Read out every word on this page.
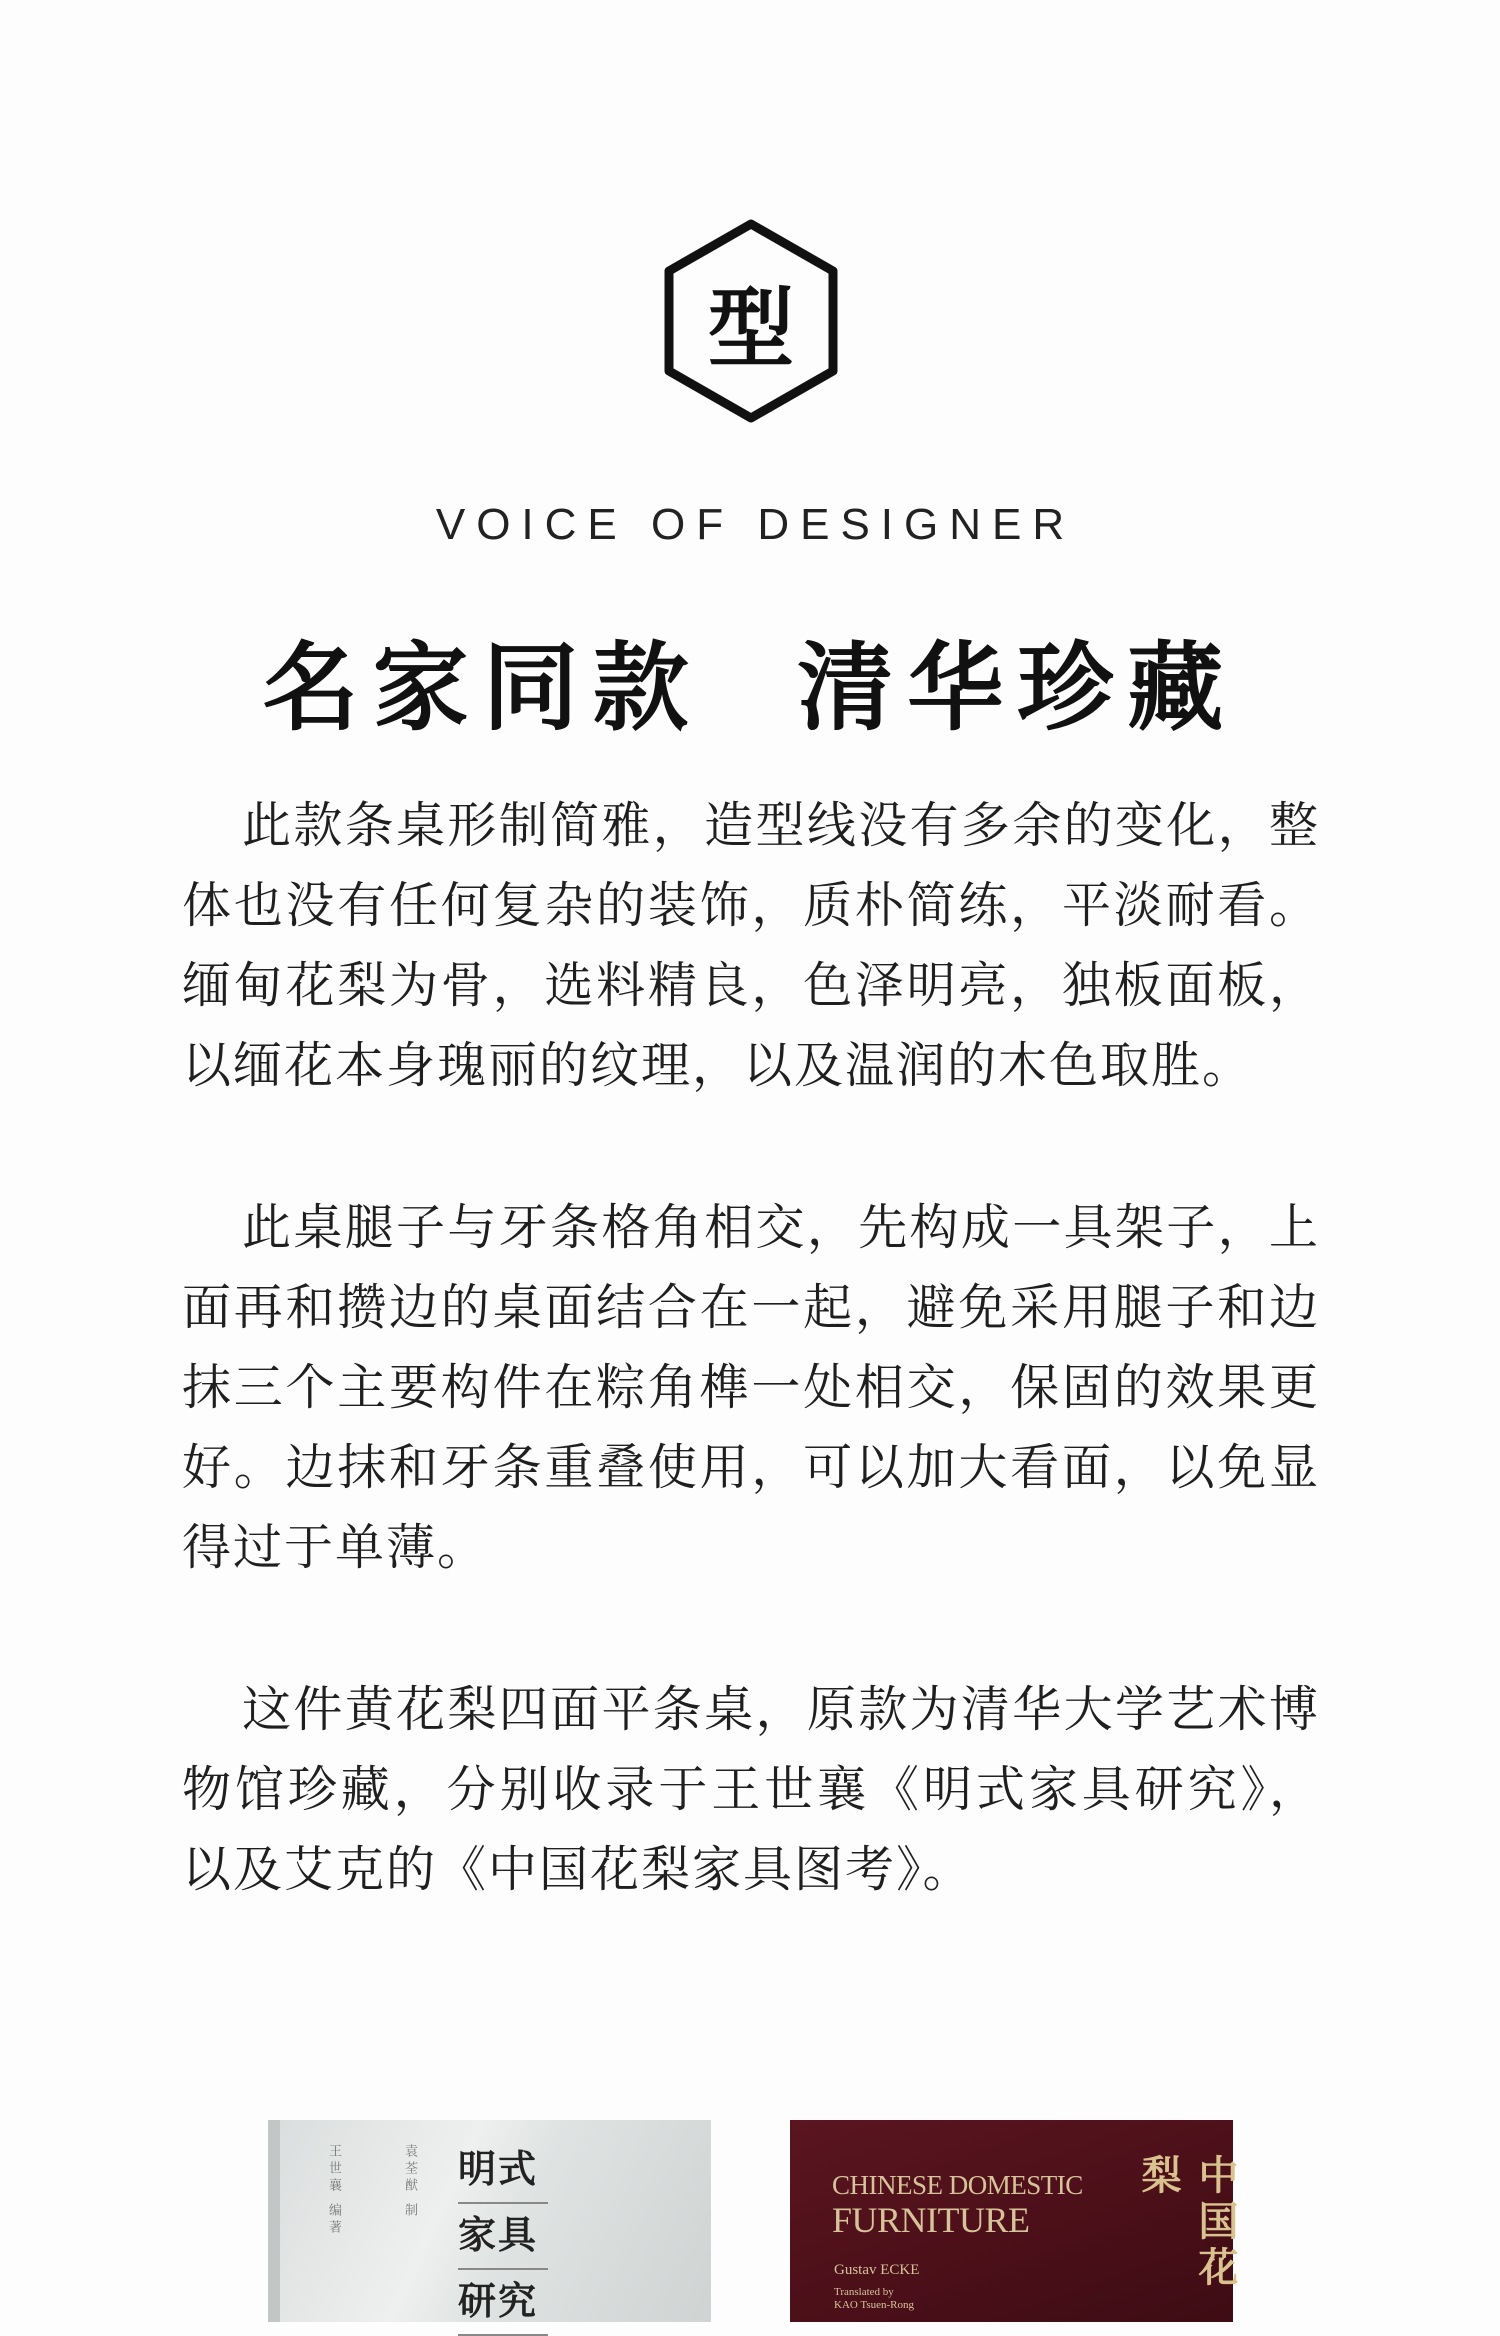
型
VOICE OF DESIGNER
名家同款  清华珍藏

此款条桌形制简雅，造型线没有多余的变化，整体也没有任何复杂的装饰，质朴简练，平淡耐看。缅甸花梨为骨，选料精良，色泽明亮，独板面板，以缅花本身瑰丽的纹理，以及温润的木色取胜。

此桌腿子与牙条格角相交，先构成一具架子，上面再和攒边的桌面结合在一起，避免采用腿子和边抹三个主要构件在粽角榫一处相交，保固的效果更好。边抹和牙条重叠使用，可以加大看面，以免显得过于单薄。

这件黄花梨四面平条桌，原款为清华大学艺术博物馆珍藏，分别收录于王世襄《明式家具研究》，以及艾克的《中国花梨家具图考》。

王世襄 编著	袁荃猷 制 明式
家具
研究
CHINESE DOMESTIC
FURNITURE
Gustav ECKE
Translated by
KAO Tsuen-Rong
中国花梨
